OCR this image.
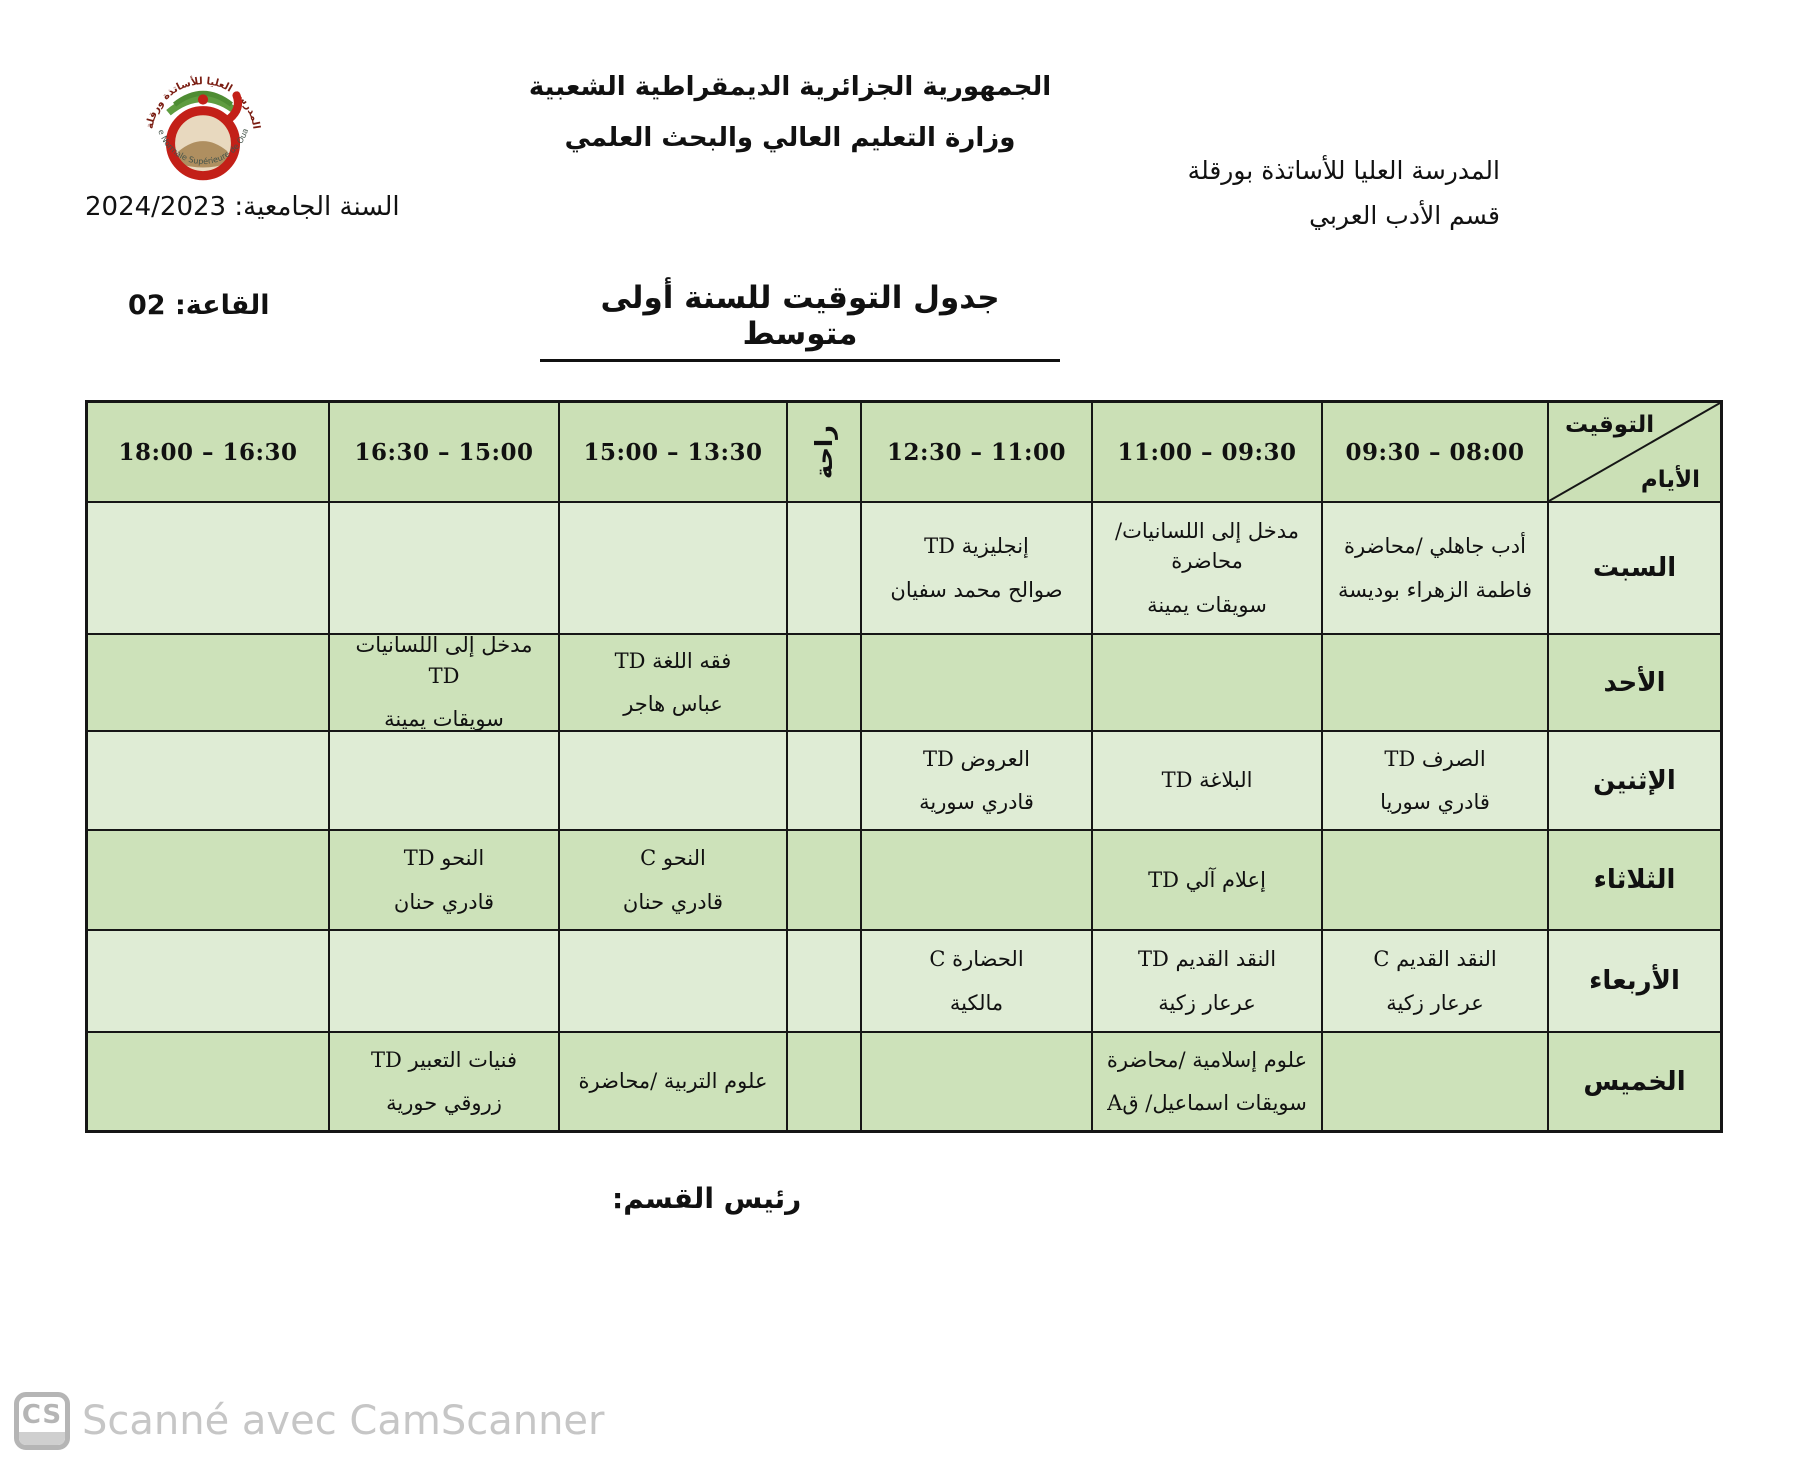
المدرسة العليا للأساتذة ورقلة
e Normale Supérieure de Oua
الجمهورية الجزائرية الديمقراطية الشعبية
وزارة التعليم العالي والبحث العلمي
المدرسة العليا للأساتذة بورقلة
قسم الأدب العربي
السنة الجامعية: 2024/2023
جدول التوقيت للسنة أولى متوسط
القاعة: 02
التوقيت
الأيام
09:30 – 08:00
11:00 – 09:30
12:30 – 11:00
راحة
15:00 – 13:30
16:30 – 15:00
18:00 – 16:30
السبت
أدب جاهلي /محاضرة
فاطمة الزهراء بوديسة
مدخل إلى اللسانيات/محاضرة
سويقات يمينة
إنجليزية TD
صوالح محمد سفيان
الأحد
فقه اللغة TD
عباس هاجر
مدخل إلى اللسانيات TD
سويقات يمينة
الإثنين
الصرف TD
قادري سوريا
البلاغة TD
العروض TD
قادري سورية
الثلاثاء
إعلام آلي TD
النحو C
قادري حنان
النحو TD
قادري حنان
الأربعاء
النقد القديم C
عرعار زكية
النقد القديم TD
عرعار زكية
الحضارة C
مالكية
الخميس
علوم إسلامية /محاضرة
سويقات اسماعيل/ قA
علوم التربية /محاضرة
فنيات التعبير TD
زروقي حورية
رئيس القسم:
CS Scanné avec CamScanner
